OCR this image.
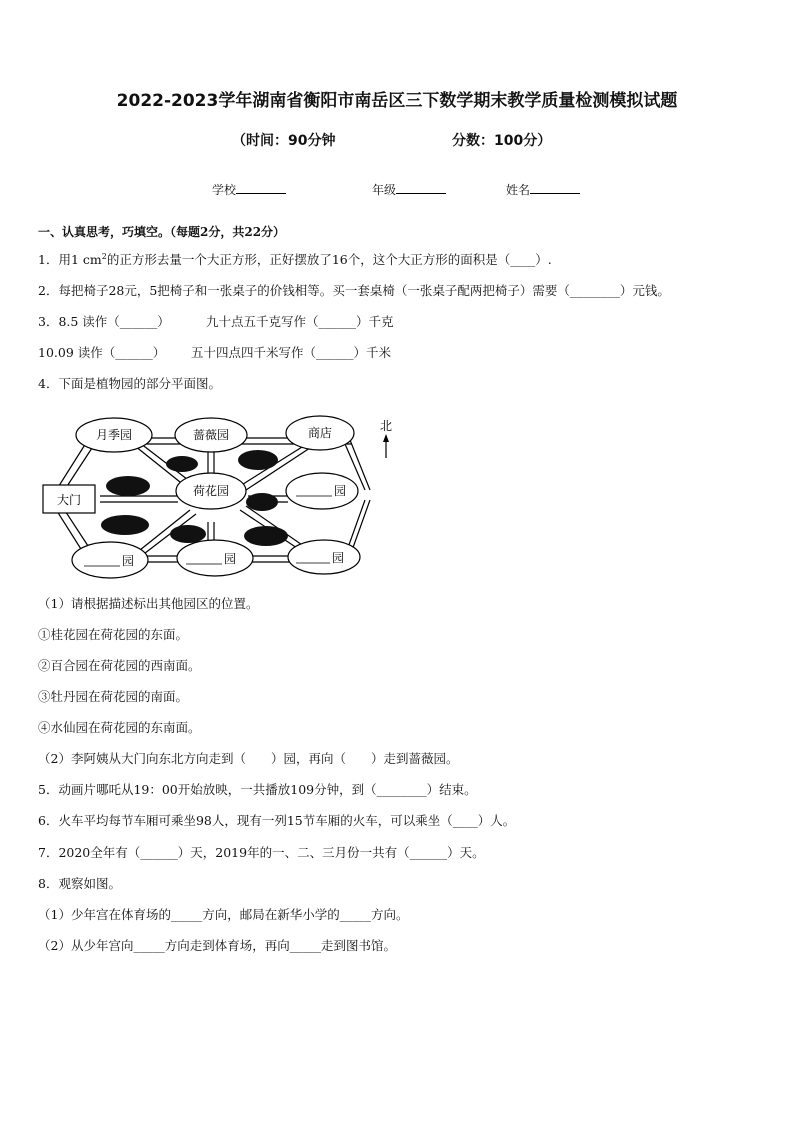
2022-2023学年湖南省衡阳市南岳区三下数学期末教学质量检测模拟试题
（时间：90分钟	分数：100分）
学校	年级	姓名
一、认真思考，巧填空。（每题2分，共22分）
1．用1 $cm^2$的正方形去量一个大正方形，正好摆放了16个，这个大正方形的面积是（____）.
2．每把椅子28元，5把椅子和一张桌子的价钱相等。买一套桌椅（一张桌子配两把椅子）需要（________）元钱。
3．8.5 读作（______）	九十点五千克写作（______）千克
10.09 读作（______） 五十四点四千米写作（______）千米
4．下面是植物园的部分平面图。
大门
月季园	蔷薇园	商店
荷花园	园
园	园	园
北
（1）请根据描述标出其他园区的位置。
①桂花园在荷花园的东面。
②百合园在荷花园的西南面。
③牡丹园在荷花园的南面。
④水仙园在荷花园的东南面。
（2）李阿姨从大门向东北方向走到（　　）园，再向（　　）走到蔷薇园。
5．动画片哪吒从19：00开始放映，一共播放109分钟，到（________）结束。
6．火车平均每节车厢可乘坐98人，现有一列15节车厢的火车，可以乘坐（____）人。
7．2020全年有（______）天，2019年的一、二、三月份一共有（______）天。
8．观察如图。
（1）少年宫在体育场的_____方向，邮局在新华小学的_____方向。
（2）从少年宫向_____方向走到体育场，再向_____走到图书馆。
